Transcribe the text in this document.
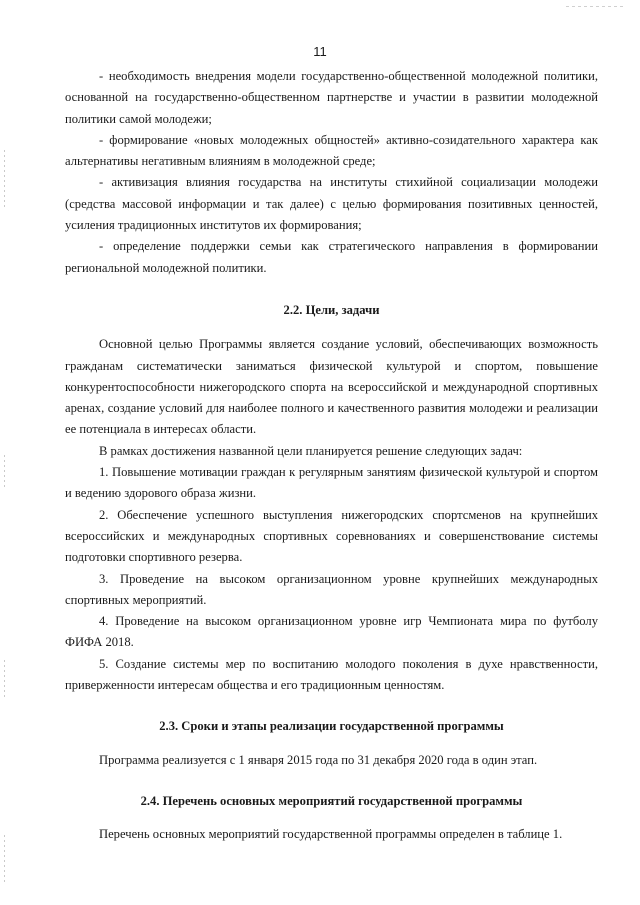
11

- необходимость внедрения модели государственно-общественной молодежной политики, основанной на государственно-общественном партнерстве и участии в развитии молодежной политики самой молодежи;

- формирование «новых молодежных общностей» активно-созидательного характера как альтернативы негативным влияниям в молодежной среде;

- активизация влияния государства на институты стихийной социализации молодежи (средства массовой информации и так далее) с целью формирования позитивных ценностей, усиления традиционных институтов их формирования;

- определение поддержки семьи как стратегического направления в формировании региональной молодежной политики.

2.2. Цели, задачи

Основной целью Программы является создание условий, обеспечивающих возможность гражданам систематически заниматься физической культурой и спортом, повышение конкурентоспособности нижегородского спорта на всероссийской и международной спортивных аренах, создание условий для наиболее полного и качественного развития молодежи и реализации ее потенциала в интересах области.

В рамках достижения названной цели планируется решение следующих задач:

1. Повышение мотивации граждан к регулярным занятиям физической культурой и спортом и ведению здорового образа жизни.

2. Обеспечение успешного выступления нижегородских спортсменов на крупнейших всероссийских и международных спортивных соревнованиях и совершенствование системы подготовки спортивного резерва.

3. Проведение на высоком организационном уровне крупнейших международных спортивных мероприятий.

4. Проведение на высоком организационном уровне игр Чемпионата мира по футболу ФИФА 2018.

5. Создание системы мер по воспитанию молодого поколения в духе нравственности, приверженности интересам общества и его традиционным ценностям.

2.3. Сроки и этапы реализации государственной программы

Программа реализуется с 1 января 2015 года по 31 декабря 2020 года в один этап.

2.4. Перечень основных мероприятий государственной программы

Перечень основных мероприятий государственной программы определен в таблице 1.
